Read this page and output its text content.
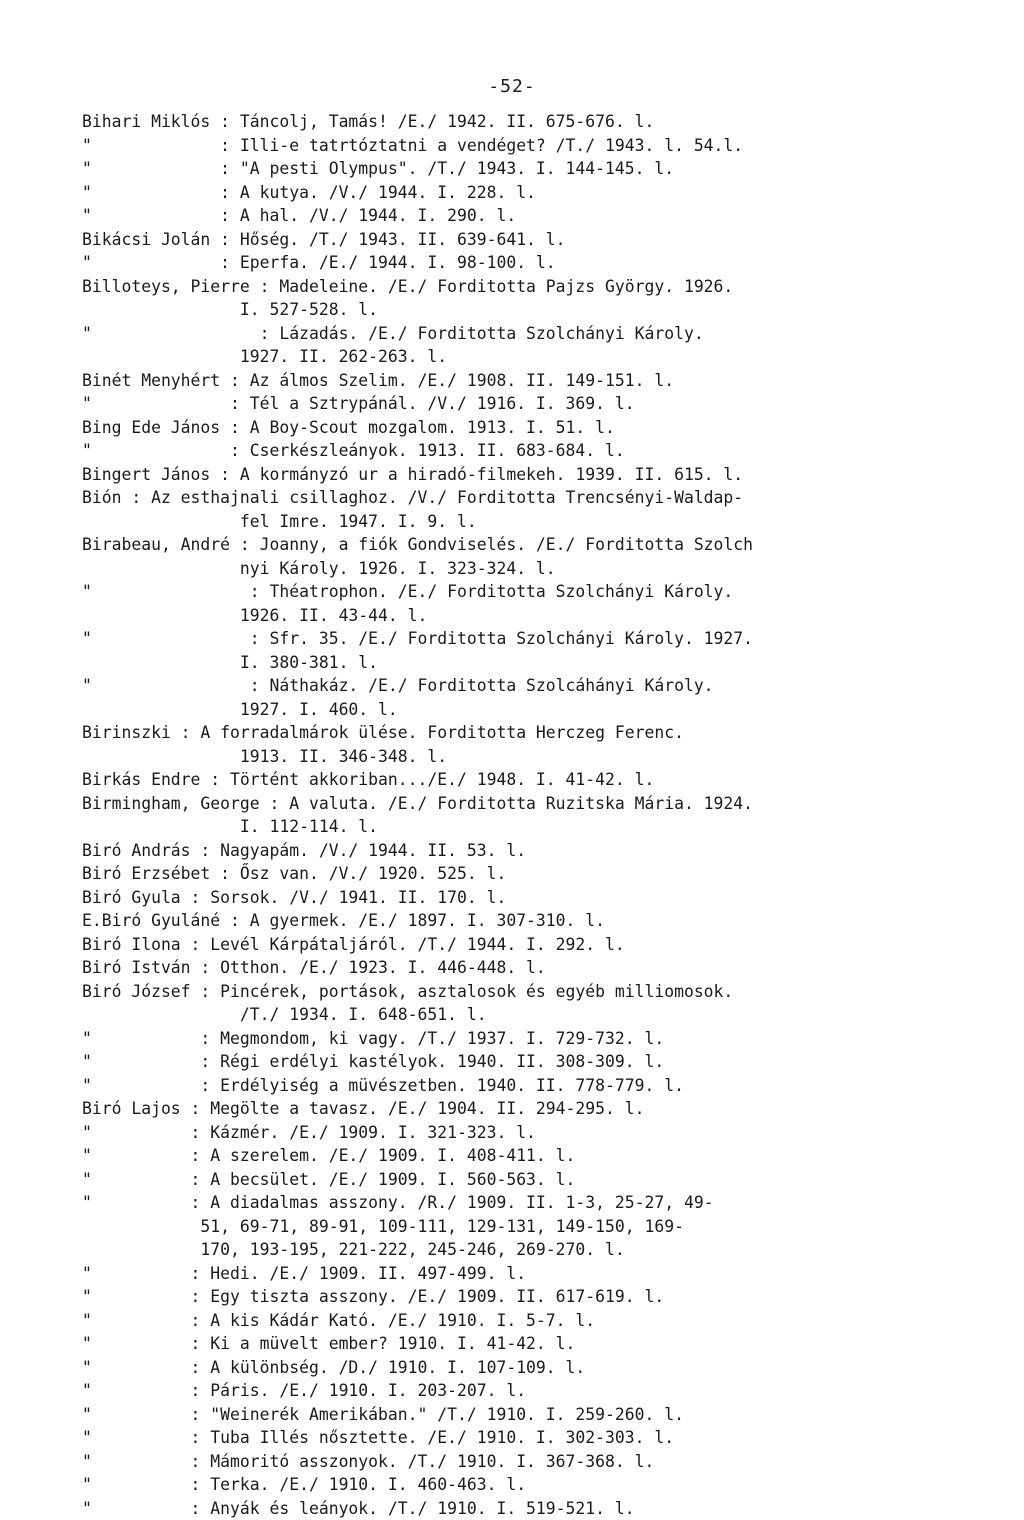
-52-
Bihari Miklós : Táncolj, Tamás! /E./ 1942. II. 675-676. l.
"             : Illi-e tatrtóztatni a vendéget? /T./ 1943. l. 54.l.
"             : "A pesti Olympus". /T./ 1943. I. 144-145. l.
"             : A kutya. /V./ 1944. I. 228. l.
"             : A hal. /V./ 1944. I. 290. l.
Bikácsi Jolán : Hőség. /T./ 1943. II. 639-641. l.
"             : Eperfa. /E./ 1944. I. 98-100. l.
Billoteys, Pierre : Madeleine. /E./ Forditotta Pajzs György. 1926.
I. 527-528. l.
"                 : Lázadás. /E./ Forditotta Szolchányi Károly.
1927. II. 262-263. l.
Binét Menyhért : Az álmos Szelim. /E./ 1908. II. 149-151. l.
"              : Tél a Sztrypánál. /V./ 1916. I. 369. l.
Bing Ede János : A Boy-Scout mozgalom. 1913. I. 51. l.
"              : Cserkészleányok. 1913. II. 683-684. l.
Bingert János : A kormányzó ur a hiradó-filmekeh. 1939. II. 615. l.
Bión : Az esthajnali csillaghoz. /V./ Forditotta Trencsényi-Waldap-
fel Imre. 1947. I. 9. l.
Birabeau, André : Joanny, a fiók Gondviselés. /E./ Forditotta Szolch
nyi Károly. 1926. I. 323-324. l.
"                : Théatrophon. /E./ Forditotta Szolchányi Károly.
1926. II. 43-44. l.
"                : Sfr. 35. /E./ Forditotta Szolchányi Károly. 1927.
I. 380-381. l.
"                : Náthakáz. /E./ Forditotta Szolcáhányi Károly.
1927. I. 460. l.
Birinszki : A forradalmárok ülése. Forditotta Herczeg Ferenc.
1913. II. 346-348. l.
Birkás Endre : Történt akkoriban.../E./ 1948. I. 41-42. l.
Birmingham, George : A valuta. /E./ Forditotta Ruzitska Mária. 1924.
I. 112-114. l.
Biró András : Nagyapám. /V./ 1944. II. 53. l.
Biró Erzsébet : Ősz van. /V./ 1920. 525. l.
Biró Gyula : Sorsok. /V./ 1941. II. 170. l.
E.Biró Gyuláné : A gyermek. /E./ 1897. I. 307-310. l.
Biró Ilona : Levél Kárpátaljáról. /T./ 1944. I. 292. l.
Biró István : Otthon. /E./ 1923. I. 446-448. l.
Biró József : Pincérek, portások, asztalosok és egyéb milliomosok.
/T./ 1934. I. 648-651. l.
"           : Megmondom, ki vagy. /T./ 1937. I. 729-732. l.
"           : Régi erdélyi kastélyok. 1940. II. 308-309. l.
"           : Erdélyiség a müvészetben. 1940. II. 778-779. l.
Biró Lajos : Megölte a tavasz. /E./ 1904. II. 294-295. l.
"          : Kázmér. /E./ 1909. I. 321-323. l.
"          : A szerelem. /E./ 1909. I. 408-411. l.
"          : A becsület. /E./ 1909. I. 560-563. l.
"          : A diadalmas asszony. /R./ 1909. II. 1-3, 25-27, 49-
51, 69-71, 89-91, 109-111, 129-131, 149-150, 169-
170, 193-195, 221-222, 245-246, 269-270. l.
"          : Hedi. /E./ 1909. II. 497-499. l.
"          : Egy tiszta asszony. /E./ 1909. II. 617-619. l.
"          : A kis Kádár Kató. /E./ 1910. I. 5-7. l.
"          : Ki a müvelt ember? 1910. I. 41-42. l.
"          : A különbség. /D./ 1910. I. 107-109. l.
"          : Páris. /E./ 1910. I. 203-207. l.
"          : "Weinerék Amerikában." /T./ 1910. I. 259-260. l.
"          : Tuba Illés nősztette. /E./ 1910. I. 302-303. l.
"          : Mámoritó asszonyok. /T./ 1910. I. 367-368. l.
"          : Terka. /E./ 1910. I. 460-463. l.
"          : Anyák és leányok. /T./ 1910. I. 519-521. l.
